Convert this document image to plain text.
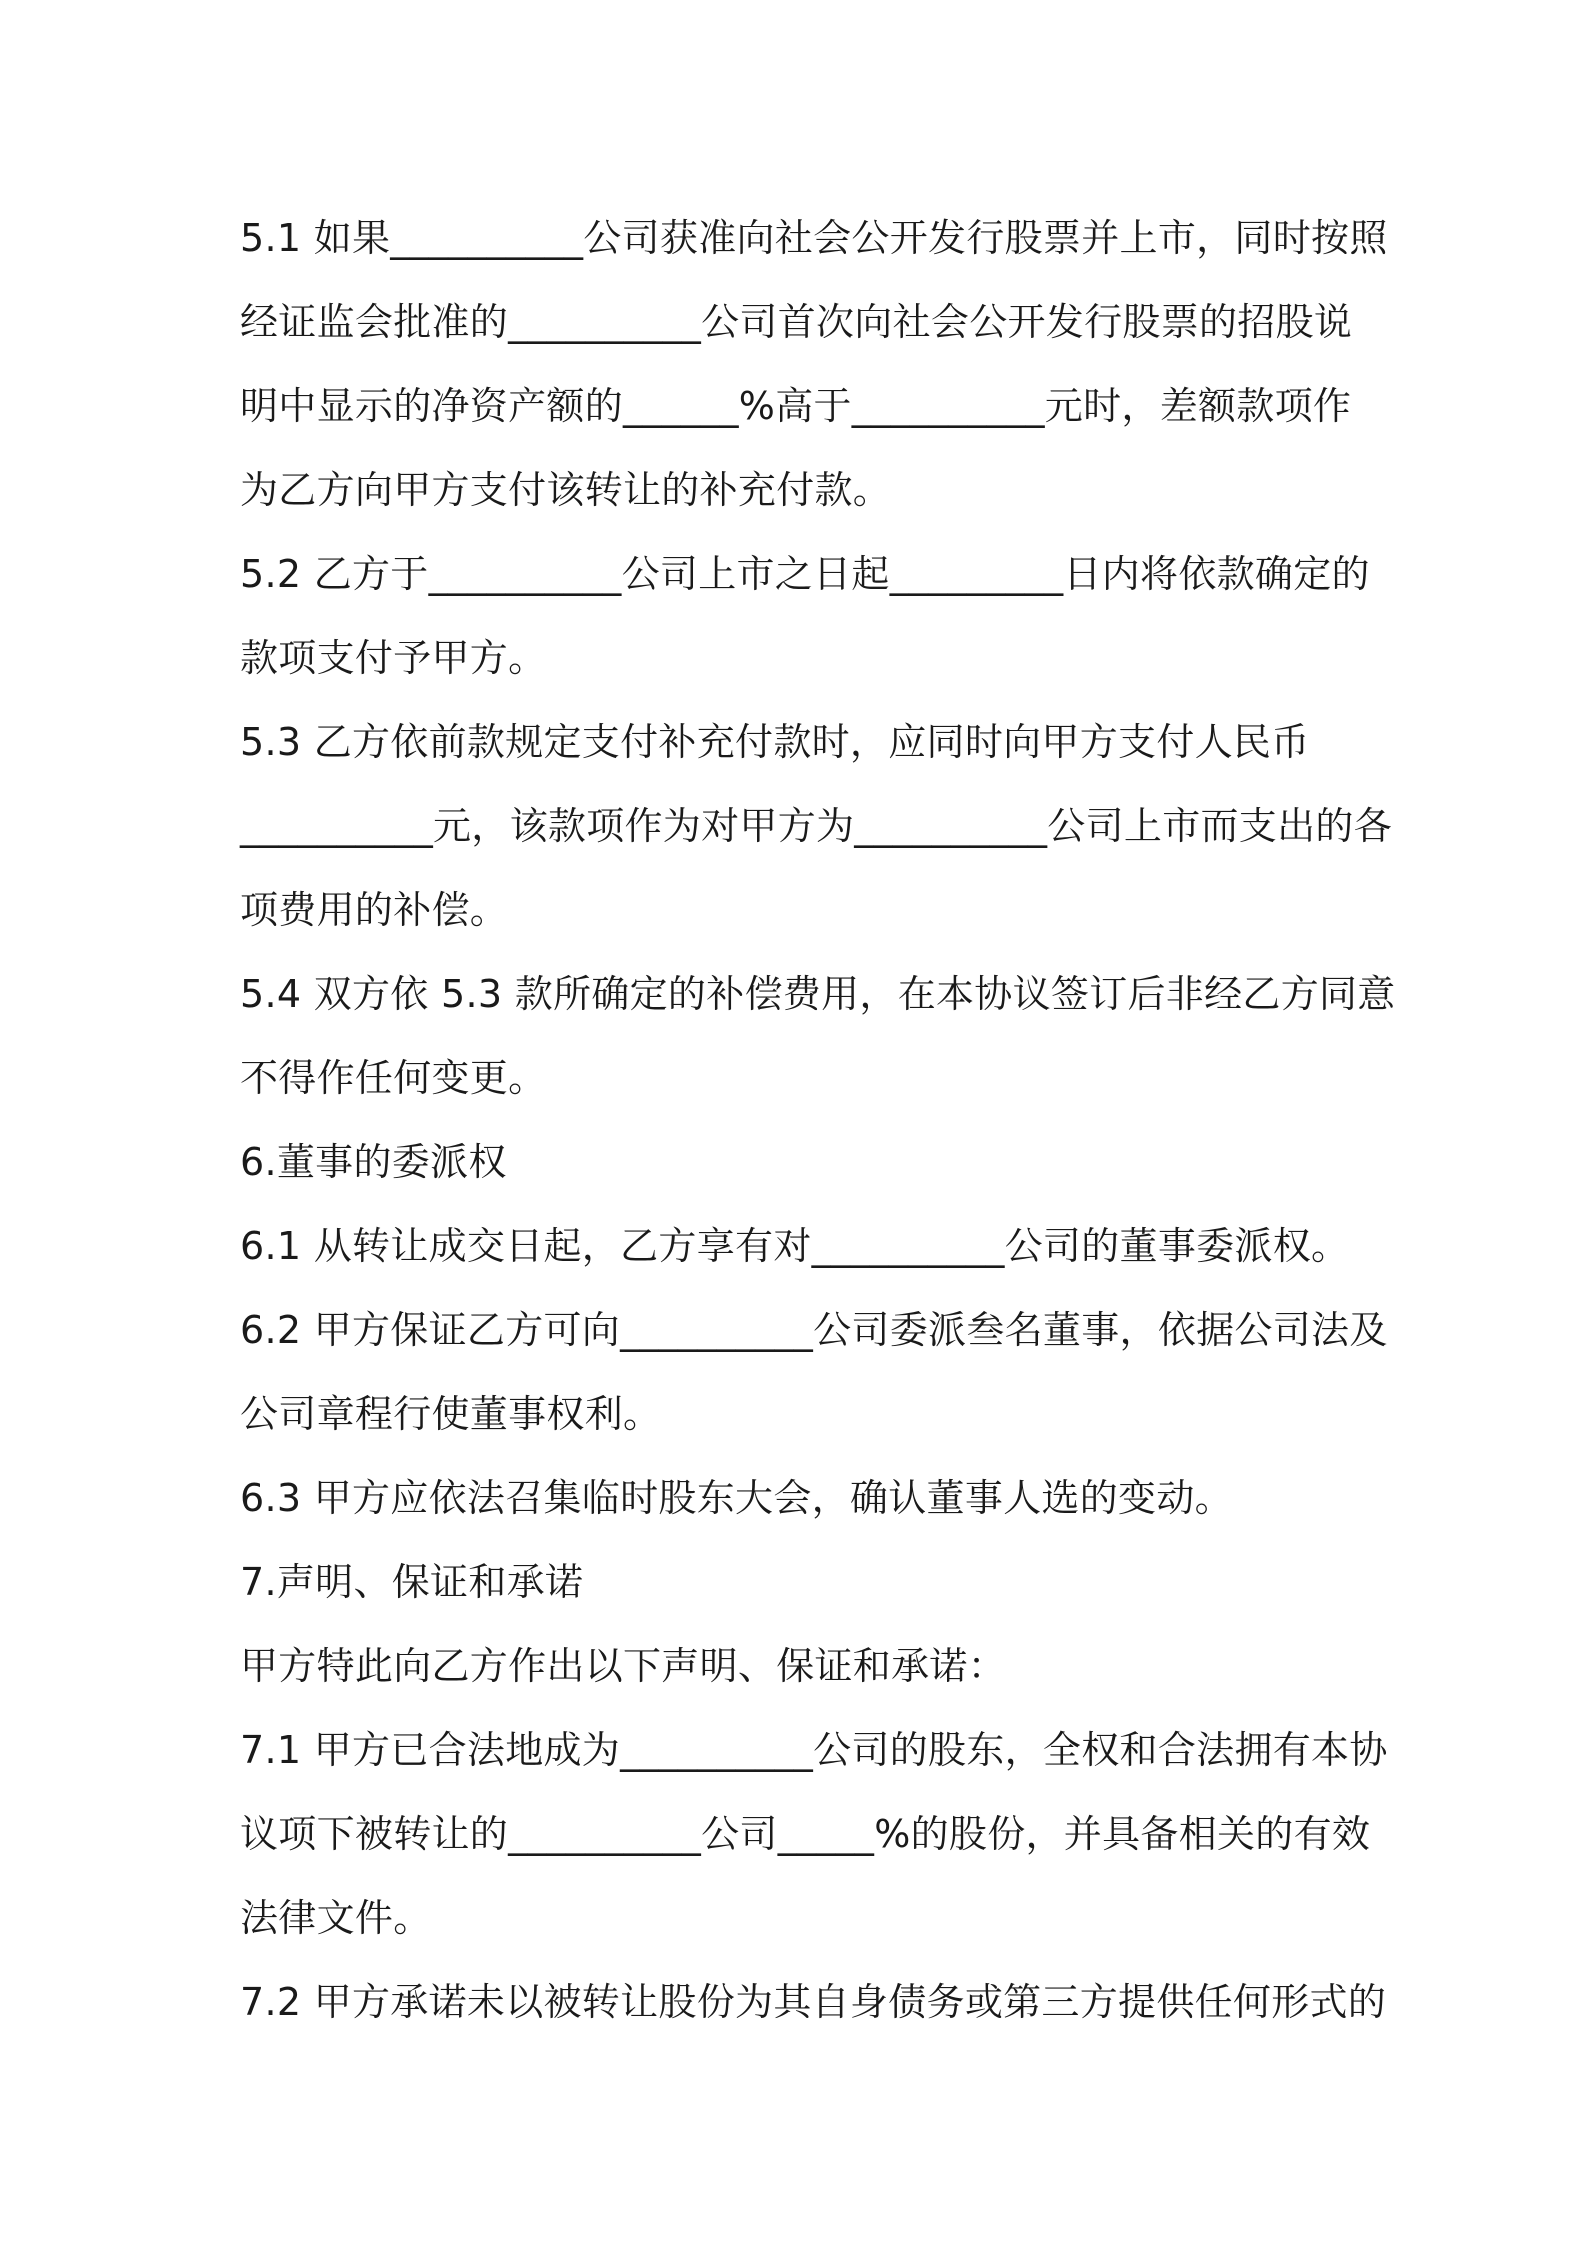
5.1 如果__________公司获准向社会公开发行股票并上市，同时按照
经证监会批准的__________公司首次向社会公开发行股票的招股说
明中显示的净资产额的______%高于__________元时，差额款项作
为乙方向甲方支付该转让的补充付款。
5.2 乙方于__________公司上市之日起_________日内将依款确定的
款项支付予甲方。
5.3 乙方依前款规定支付补充付款时，应同时向甲方支付人民币
__________元，该款项作为对甲方为__________公司上市而支出的各
项费用的补偿。
5.4 双方依 5.3 款所确定的补偿费用，在本协议签订后非经乙方同意
不得作任何变更。
6.董事的委派权
6.1 从转让成交日起，乙方享有对__________公司的董事委派权。
6.2 甲方保证乙方可向__________公司委派叁名董事，依据公司法及
公司章程行使董事权利。
6.3 甲方应依法召集临时股东大会，确认董事人选的变动。
7.声明、保证和承诺
甲方特此向乙方作出以下声明、保证和承诺：
7.1 甲方已合法地成为__________公司的股东，全权和合法拥有本协
议项下被转让的__________公司_____%的股份，并具备相关的有效
法律文件。
7.2 甲方承诺未以被转让股份为其自身债务或第三方提供任何形式的
